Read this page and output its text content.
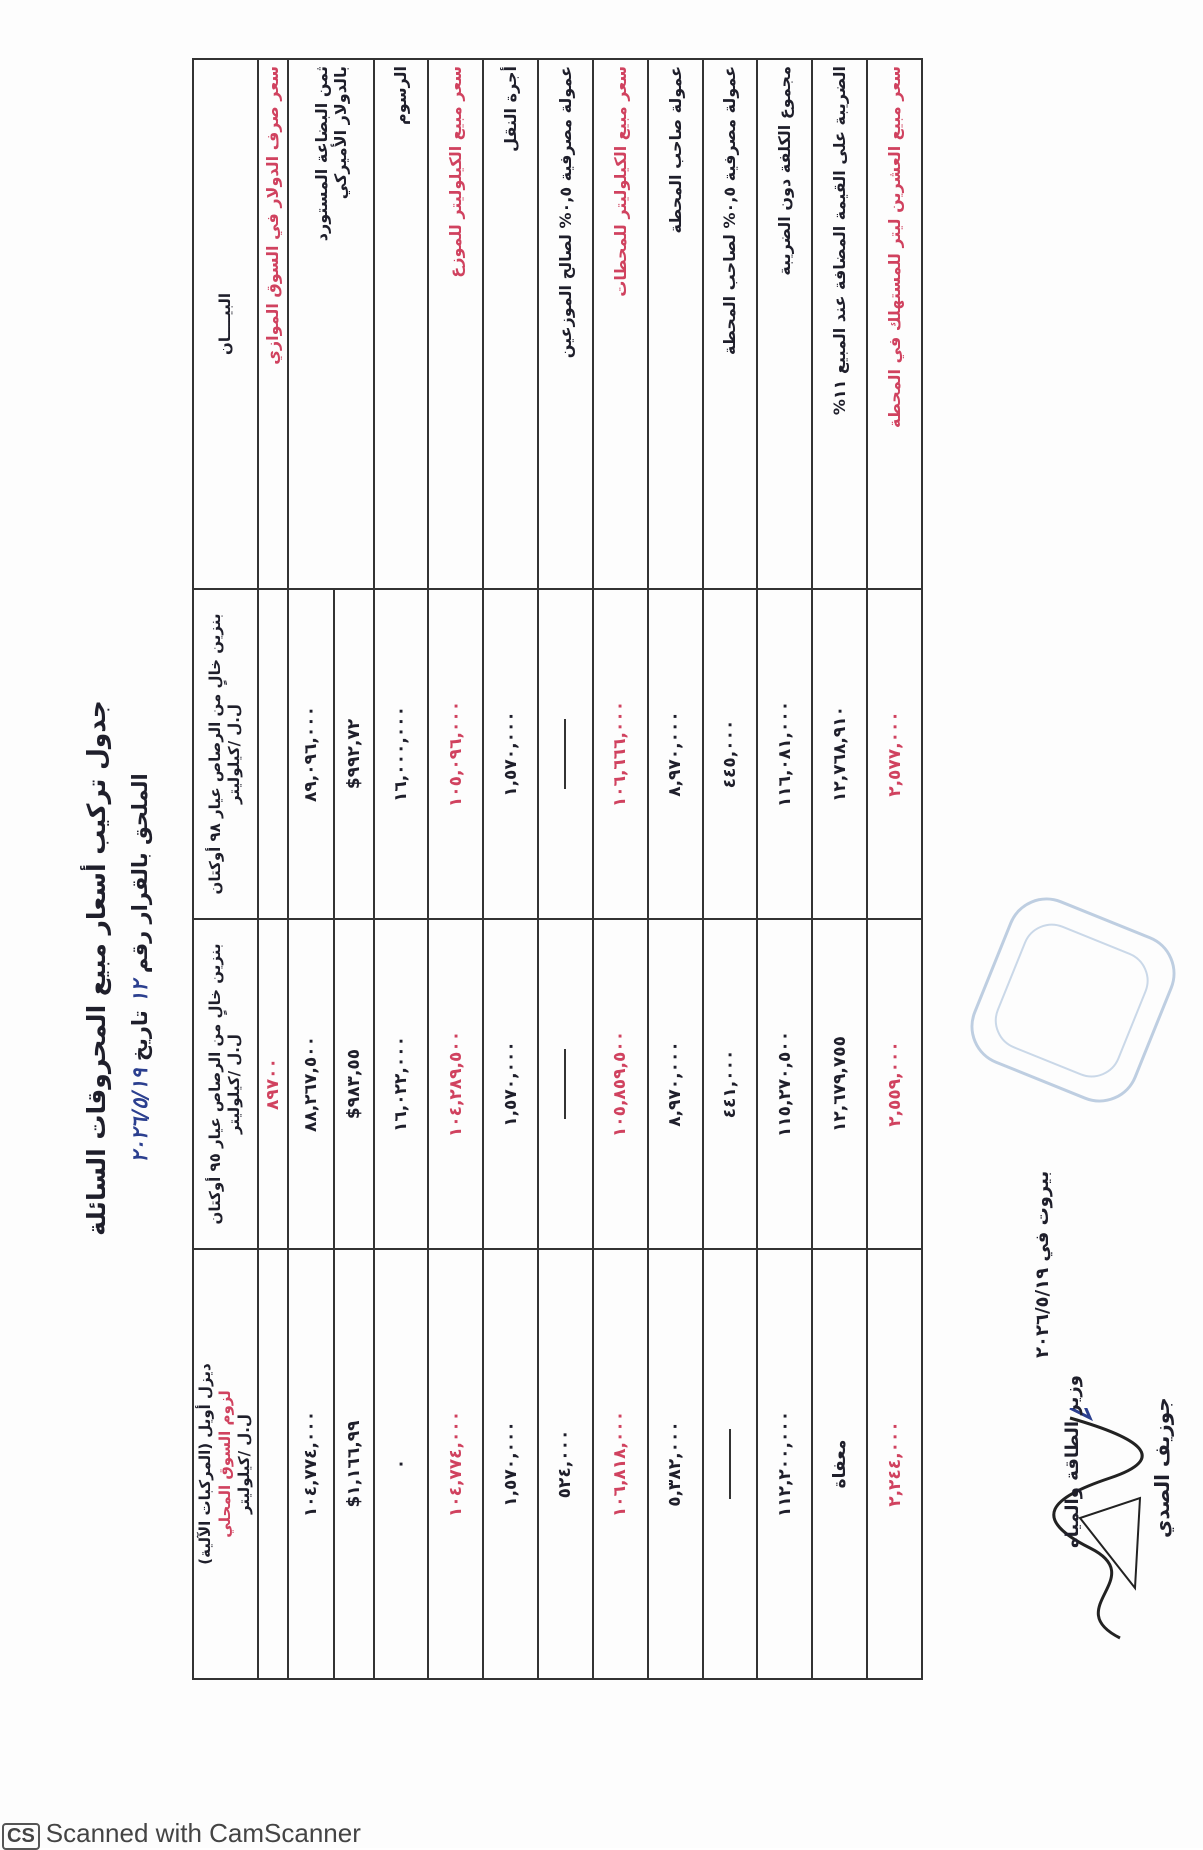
جدول تركيب أسعار مبيع المحروقات السائلة الملحق بالقرار رقم ١٢ تاريخ ٢٠٢٦/٥/١٩
البيــــان	بنزين خالٍ من الرصاص عيار ٩٨ أوكتان ل.ل /كيلوليتر	بنزين خالٍ من الرصاص عيار ٩٥ أوكتان ل.ل /كيلوليتر	ديزل أويل (المركبات الآلية) لزوم السوق المحلي ل.ل /كيلوليتر
سعر صرف الدولار في السوق الموازي		٨٩٧٠٠	
ثمن البضاعة المستورد
بالدولار الأميركي	٨٩,٠٩٦,٠٠٠	٨٨,٢٦٧,٥٠٠	١٠٤,٧٧٤,٠٠٠
	٩٩٢,٧٢$	٩٨٣,٥٥$	١,١٦٦,٩٩$
الرسوم	١٦,٠٠٠,٠٠٠	١٦,٠٢٢,٠٠٠	٠
سعر مبيع الكيلوليتر للموزع	١٠٥,٠٩٦,٠٠٠	١٠٤,٢٨٩,٥٠٠	١٠٤,٧٧٤,٠٠٠
أجرة النقل	١,٥٧٠,٠٠٠	١,٥٧٠,٠٠٠	١,٥٧٠,٠٠٠
عمولة مصرفية ٠,٥% لصالح الموزعين			٥٢٤,٠٠٠
سعر مبيع الكيلوليتر للمحطات	١٠٦,٦٦٦,٠٠٠	١٠٥,٨٥٩,٥٠٠	١٠٦,٨١٨,٠٠٠
عمولة صاحب المحطة	٨,٩٧٠,٠٠٠	٨,٩٧٠,٠٠٠	٥,٣٨٢,٠٠٠
عمولة مصرفية ٠,٥% لصاحب المحطة	٤٤٥,٠٠٠	٤٤١,٠٠٠	
مجموع الكلفة دون الضريبة	١١٦,٠٨١,٠٠٠	١١٥,٢٧٠,٥٠٠	١١٢,٢٠٠,٠٠٠
الضريبة على القيمة المضافة عند المبيع ١١%	١٢,٧٦٨,٩١٠	١٢,٦٧٩,٧٥٥	معفاة
سعر مبيع العشرين ليتر للمستهلك في المحطة	٢,٥٧٧,٠٠٠	٢,٥٥٩,٠٠٠	٢,٢٤٤,٠٠٠
بيروت في ٢٠٢٦/٥/١٩
وزير الطاقة والمياه	جوزيف الصدي
CS Scanned with CamScanner
